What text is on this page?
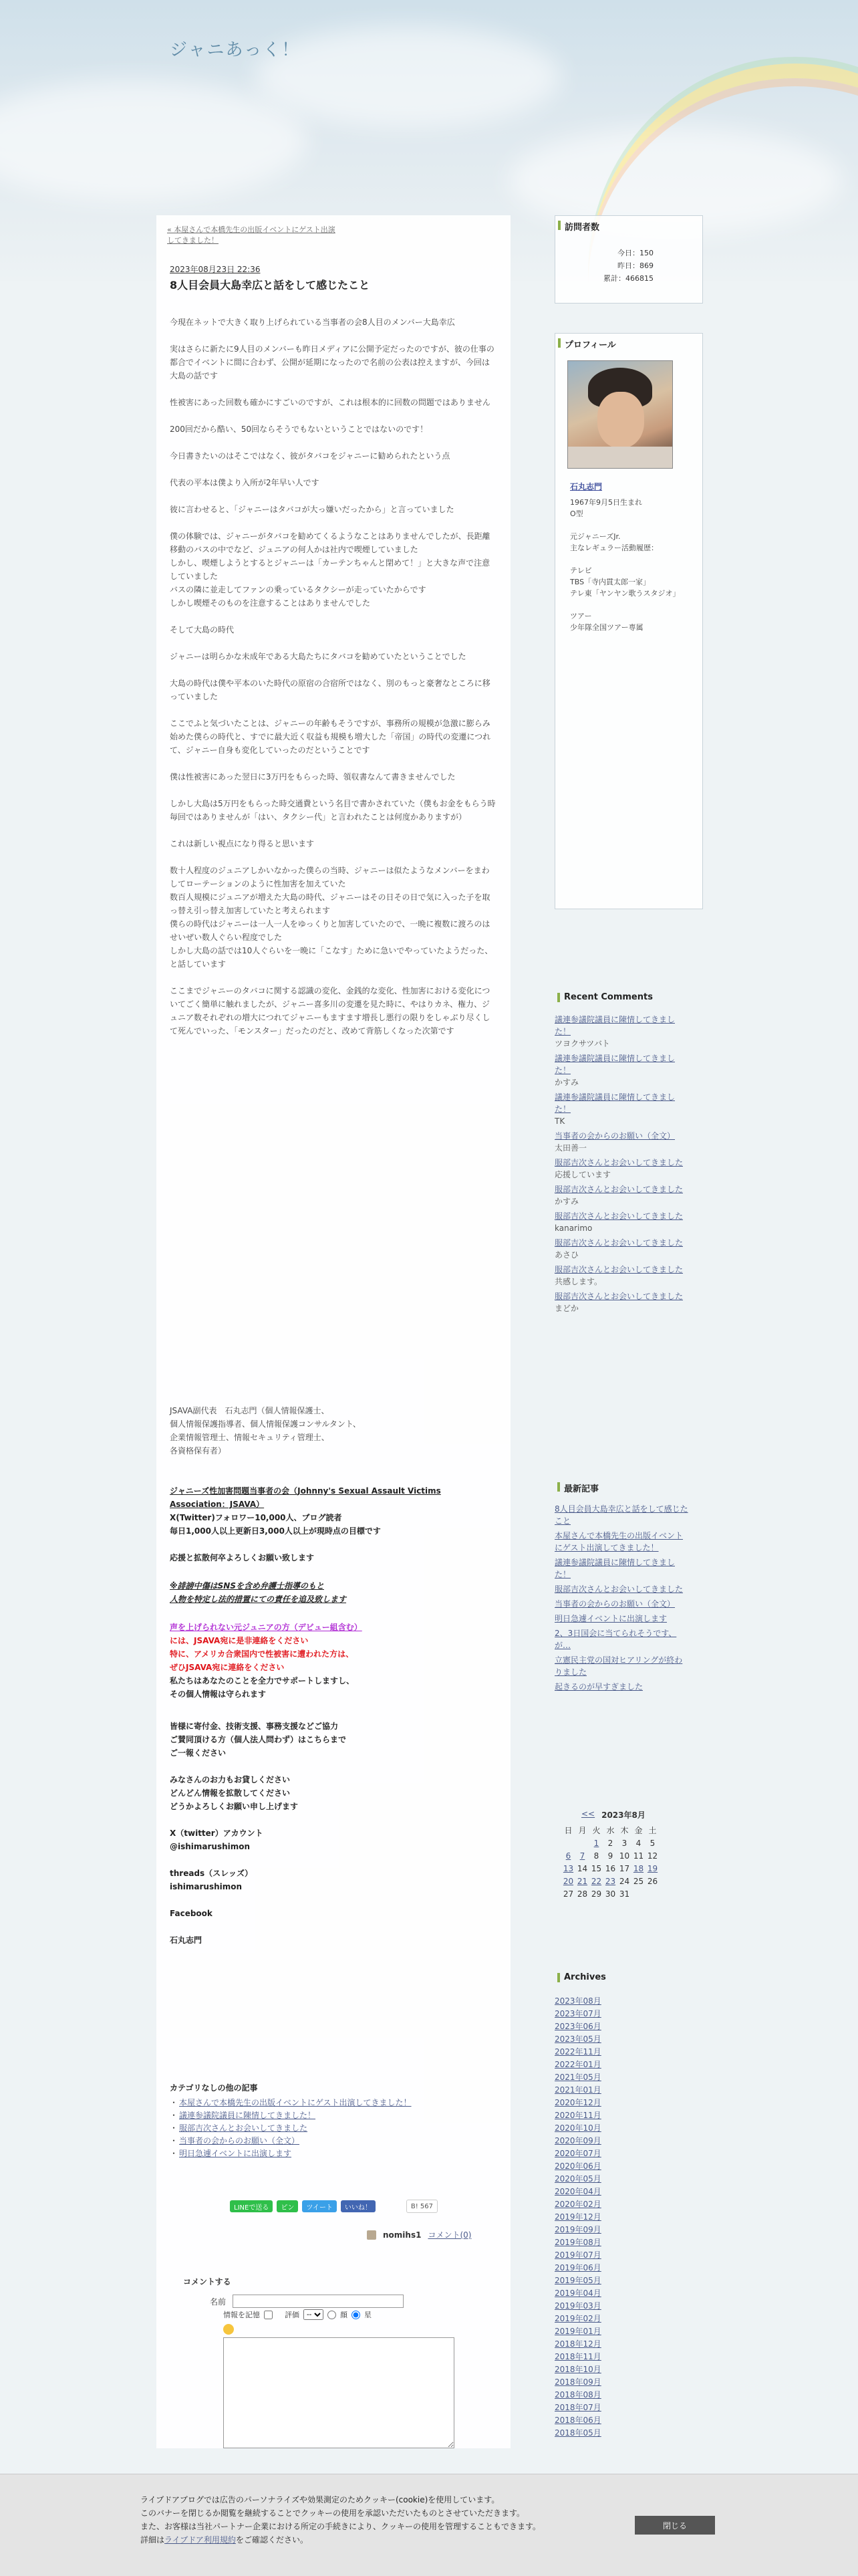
ジャニあっく！
« 本屋さんで本橋先生の出版イベントにゲスト出演してきました！
2023年08月23日 22:36
8人目会員大島幸広と話をして感じたこと
今現在ネットで大きく取り上げられている当事者の会8人目のメンバー大島幸広
実はさらに新たに9人目のメンバーも昨日メディアに公開予定だったのですが、彼の仕事の都合でイベントに間に合わず、公開が延期になったので名前の公表は控えますが、今回は大島の話です
性被害にあった回数も確かにすごいのですが、これは根本的に回数の問題ではありません
200回だから酷い、50回ならそうでもないということではないのです！
今日書きたいのはそこではなく、彼がタバコをジャニーに勧められたという点
代表の平本は僕より入所が2年早い人です
彼に言わせると、「ジャニーはタバコが大っ嫌いだったから」と言っていました
僕の体験では、ジャニーがタバコを勧めてくるようなことはありませんでしたが、長距離移動のバスの中でなど、ジュニアの何人かは社内で喫煙していました
しかし、喫煙しようとするとジャニーは「カーテンちゃんと閉めて！」と大きな声で注意していました
バスの隣に並走してファンの乗っているタクシーが走っていたからです
しかし喫煙そのものを注意することはありませんでした
そして大島の時代
ジャニーは明らかな未成年である大島たちにタバコを勧めていたということでした
大島の時代は僕や平本のいた時代の原宿の合宿所ではなく、別のもっと豪奢なところに移っていました
ここでふと気づいたことは、ジャニーの年齢もそうですが、事務所の規模が急激に膨らみ始めた僕らの時代と、すでに最大近く収益も規模も増大した「帝国」の時代の変遷につれて、ジャニー自身も変化していったのだということです
僕は性被害にあった翌日に3万円をもらった時、領収書なんて書きませんでした
しかし大島は5万円をもらった時交通費という名目で書かされていた（僕もお金をもらう時毎回ではありませんが「はい、タクシー代」と言われたことは何度かありますが）
これは新しい視点になり得ると思います
数十人程度のジュニアしかいなかった僕らの当時、ジャニーは似たようなメンバーをまわしてローテーションのように性加害を加えていた
数百人規模にジュニアが増えた大島の時代、ジャニーはその日その日で気に入った子を取っ替え引っ替え加害していたと考えられます
僕らの時代はジャニーは一人一人をゆっくりと加害していたので、一晩に複数に渡ろのはせいぜい数人ぐらい程度でした
しかし大島の話では10人ぐらいを一晩に「こなす」ために急いでやっていたようだった、と話しています
ここまでジャニーのタバコに関する認識の変化、金銭的な変化、性加害における変化についてごく簡単に触れましたが、ジャニー喜多川の変遷を見た時に、やはりカネ、権力、ジュニア数それぞれの増大につれてジャニーもますます増長し悪行の限りをしゃぶり尽くして死んでいった、「モンスター」だったのだと、改めて背筋しくなった次第です
JSAVA副代表　石丸志門（個人情報保護士、
個人情報保護指導者、個人情報保護コンサルタント、
企業情報管理士、情報セキュリティ管理士、
各資格保有者）
ジャニーズ性加害問題当事者の会（Johnny's Sexual Assault Victims Association：JSAVA）
X(Twitter)フォロワー10,000人、ブログ読者
毎日1,000人以上更新日3,000人以上が現時点の目標です
応援と拡散何卒よろしくお願い致します
※誹謗中傷はSNSを含め弁護士指導のもと
人物を特定し法的措置にての責任を追及致します
声を上げられない元ジュニアの方（デビュー組含む）
には、JSAVA宛に是非連絡をください
特に、アメリカ合衆国内で性被害に遭われた方は、
ぜひJSAVA宛に連絡をください
私たちはあなたのことを全力でサポートしますし、
その個人情報は守られます
皆様に寄付金、技術支援、事務支援などご協力
ご賛同頂ける方（個人法人問わず）はこちらまで
ご一報ください
みなさんのお力もお貸しください
どんどん情報を拡散してください
どうかよろしくお願い申し上げます
X（twitter）アカウント
@ishimarushimon
threads（スレッズ）
ishimarushimon
Facebook

石丸志門
カテゴリなしの他の記事
・ 本屋さんで本橋先生の出版イベントにゲスト出演してきました！
・ 議連参議院議員に陳情してきました！
・ 服部吉次さんとお会いしてきました
・ 当事者の会からのお願い（全文）
・ 明日急遽イベントに出演します
LINEで送る	ピン	ツイート	いいね！	B! 567
nomihs1 コメント(0)
コメントする
名前
情報を記憶	評価
--	顔 星
訪問者数
今日：150
昨日：869
累計：466815
プロフィール
石丸志門
1967年9月5日生まれ
O型

元ジャニーズJr.
主なレギュラー活動履歴：

テレビ
TBS「寺内貫太郎一家」
テレ東「ヤンヤン歌うスタジオ」

ツアー
少年隊全国ツアー専属
Recent Comments
議連参議院議員に陳情してきました！
ツヨクサツバト
議連参議院議員に陳情してきました！
かすみ
議連参議院議員に陳情してきました！
TK
当事者の会からのお願い（全文）
太田善一
服部吉次さんとお会いしてきました
応援しています
服部吉次さんとお会いしてきました
かすみ
服部吉次さんとお会いしてきました
kanarimo
服部吉次さんとお会いしてきました
あさひ
服部吉次さんとお会いしてきました
共感します。
服部吉次さんとお会いしてきました
まどか
最新記事
8人目会員大島幸広と話をして感じたこと
本屋さんで本橋先生の出版イベントにゲスト出演してきました！
議連参議院議員に陳情してきました！
服部吉次さんとお会いしてきました
当事者の会からのお願い（全文）
明日急遽イベントに出演します
2、3日国会に当てられそうです、が…
立憲民主党の国対ヒアリングが終わりました
起きるのが早すぎました
<< 2023年8月
日	月	火	水	木	金	土
		1	2	3	4	5
6	7	8	9	10	11	12
13	14	15	16	17	18	19
20	21	22	23	24	25	26
27	28	29	30	31		
Archives
2023年08月
2023年07月
2023年06月
2023年05月
2022年11月
2022年01月
2021年05月
2021年01月
2020年12月
2020年11月
2020年10月
2020年09月
2020年07月
2020年06月
2020年05月
2020年04月
2020年02月
2019年12月
2019年09月
2019年08月
2019年07月
2019年06月
2019年05月
2019年04月
2019年03月
2019年02月
2019年01月
2018年12月
2018年11月
2018年10月
2018年09月
2018年08月
2018年07月
2018年06月
2018年05月
ライブドアブログでは広告のパーソナライズや効果測定のためクッキー(cookie)を使用しています。
このバナーを閉じるか閲覧を継続することでクッキーの使用を承認いただいたものとさせていただきます。
また、お客様は当社パートナー企業における所定の手続きにより、クッキーの使用を管理することもできます。
詳細はライブドア利用規約をご確認ください。
閉じる
